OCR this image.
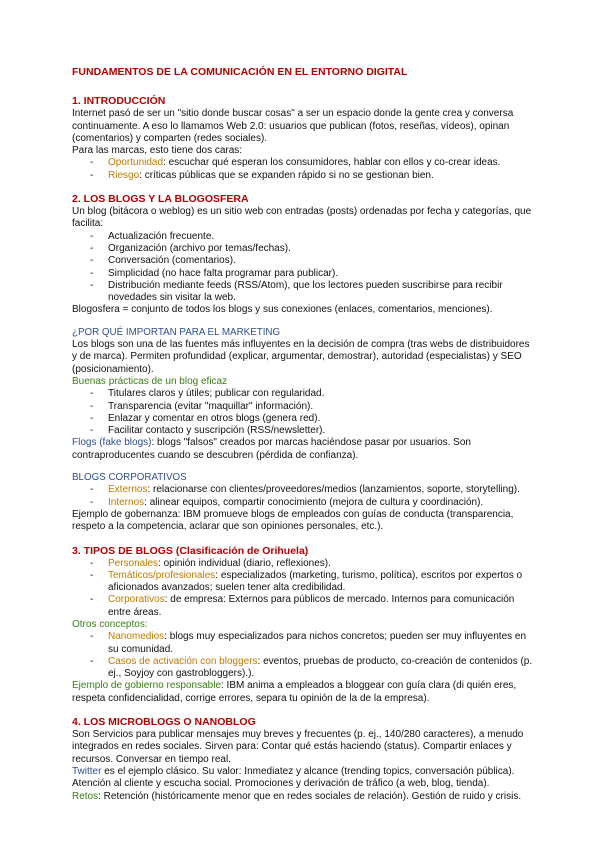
FUNDAMENTOS DE LA COMUNICACIÓN EN EL ENTORNO DIGITAL

1. INTRODUCCIÓN

Internet pasó de ser un "sitio donde buscar cosas" a ser un espacio donde la gente crea y conversa continuamente. A eso lo llamamos Web 2.0: usuarios que publican (fotos, reseñas, vídeos), opinan (comentarios) y comparten (redes sociales).

Para las marcas, esto tiene dos caras:

- Oportunidad: escuchar qué esperan los consumidores, hablar con ellos y co-crear ideas.
- Riesgo: críticas públicas que se expanden rápido si no se gestionan bien.

2. LOS BLOGS Y LA BLOGOSFERA

Un blog (bitácora o weblog) es un sitio web con entradas (posts) ordenadas por fecha y categorías, que facilita:

- Actualización frecuente.
- Organización (archivo por temas/fechas).
- Conversación (comentarios).
- Simplicidad (no hace falta programar para publicar).
- Distribución mediante feeds (RSS/Atom), que los lectores pueden suscribirse para recibir novedades sin visitar la web.

Blogosfera = conjunto de todos los blogs y sus conexiones (enlaces, comentarios, menciones).

¿POR QUÉ IMPORTAN PARA EL MARKETING

Los blogs son una de las fuentes más influyentes en la decisión de compra (tras webs de distribuidores y de marca). Permiten profundidad (explicar, argumentar, demostrar), autoridad (especialistas) y SEO (posicionamiento).

Buenas prácticas de un blog eficaz

- Titulares claros y útiles; publicar con regularidad.
- Transparencia (evitar "maquillar" información).
- Enlazar y comentar en otros blogs (genera red).
- Facilitar contacto y suscripción (RSS/newsletter).

Flogs (fake blogs): blogs "falsos" creados por marcas haciéndose pasar por usuarios. Son contraproducentes cuando se descubren (pérdida de confianza).

BLOGS CORPORATIVOS

- Externos: relacionarse con clientes/proveedores/medios (lanzamientos, soporte, storytelling).
- Internos: alinear equipos, compartir conocimiento (mejora de cultura y coordinación).

Ejemplo de gobernanza: IBM promueve blogs de empleados con guías de conducta (transparencia, respeto a la competencia, aclarar que son opiniones personales, etc.).

3. TIPOS DE BLOGS (Clasificación de Orihuela)

- Personales: opinión individual (diario, reflexiones).
- Temáticos/profesionales: especializados (marketing, turismo, política), escritos por expertos o aficionados avanzados; suelen tener alta credibilidad.
- Corporativos: de empresa: Externos para públicos de mercado. Internos para comunicación entre áreas.

Otros conceptos:

- Nanomedios: blogs muy especializados para nichos concretos; pueden ser muy influyentes en su comunidad.
- Casos de activación con bloggers: eventos, pruebas de producto, co-creación de contenidos (p. ej., Soyjoy con gastrobloggers).).

Ejemplo de gobierno responsable: IBM anima a empleados a bloggear con guía clara (di quién eres, respeta confidencialidad, corrige errores, separa tu opinión de la de la empresa).

4. LOS MICROBLOGS O NANOBLOG

Son Servicios para publicar mensajes muy breves y frecuentes (p. ej., 140/280 caracteres), a menudo integrados en redes sociales. Sirven para: Contar qué estás haciendo (status). Compartir enlaces y recursos. Conversar en tiempo real.

Twitter es el ejemplo clásico. Su valor: Inmediatez y alcance (trending topics, conversación pública). Atención al cliente y escucha social. Promociones y derivación de tráfico (a web, blog, tienda).

Retos: Retención (históricamente menor que en redes sociales de relación). Gestión de ruido y crisis.
